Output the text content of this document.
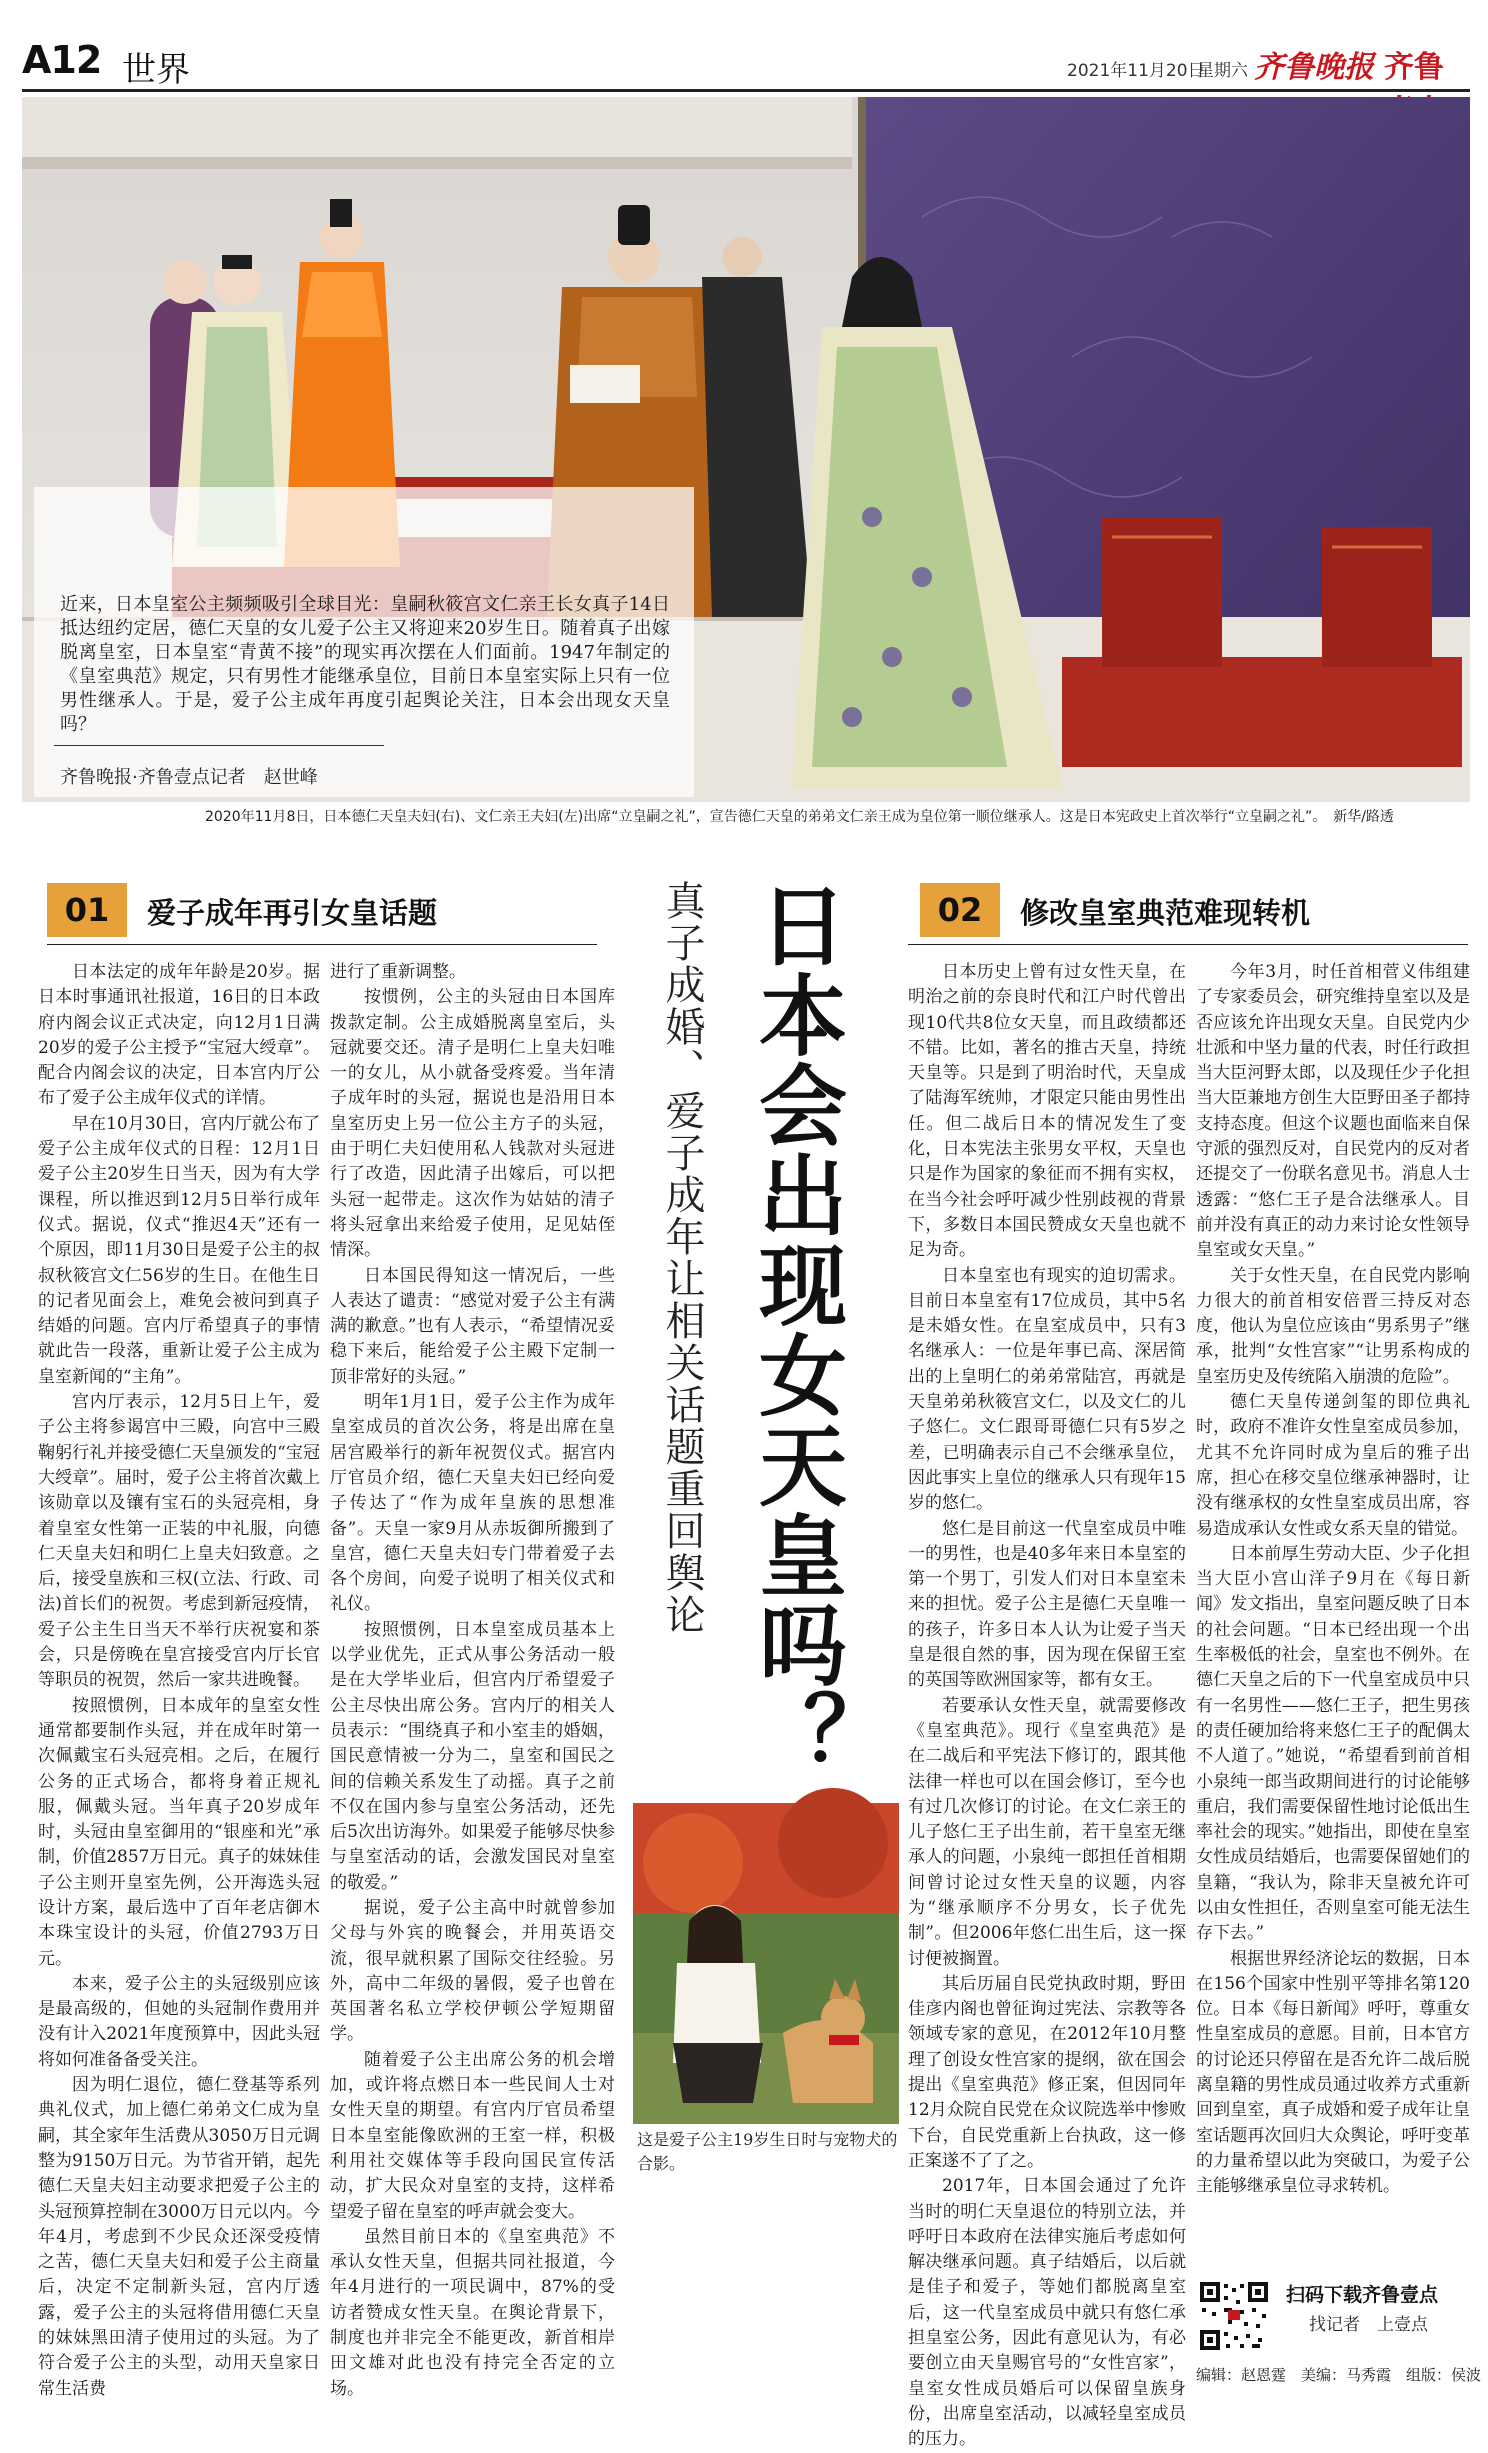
A12 世界	2021年11月20日
星期六 齐鲁晚报 齐鲁
近来，日本皇室公主频频吸引全球目光：皇嗣秋筱宫文仁亲王长女真子14日抵达纽约定居，德仁天皇的女儿爱子公主又将迎来20岁生日。随着真子出嫁脱离皇室，日本皇室“青黄不接”的现实再次摆在人们面前。1947年制定的《皇室典范》规定，只有男性才能继承皇位，目前日本皇室实际上只有一位男性继承人。于是，爱子公主成年再度引起舆论关注，日本会出现女天皇吗？
齐鲁晚报·齐鲁壹点记者　赵世峰
2020年11月8日，日本德仁天皇夫妇(右)、文仁亲王夫妇(左)出席“立皇嗣之礼”，宣告德仁天皇的弟弟文仁亲王成为皇位第一顺位继承人。这是日本宪政史上首次举行“立皇嗣之礼”。　新华/路透
01	爱子成年再引女皇话题	02	修改皇室典范难现转机
日本会出现女天皇吗？
真子成婚、爱子成年让相关话题重回舆论

日本法定的成年年龄是20岁。据日本时事通讯社报道，16日的日本政府内阁会议正式决定，向12月1日满20岁的爱子公主授予“宝冠大绶章”。配合内阁会议的决定，日本宫内厅公布了爱子公主成年仪式的详情。

早在10月30日，宫内厅就公布了爱子公主成年仪式的日程：12月1日爱子公主20岁生日当天，因为有大学课程，所以推迟到12月5日举行成年仪式。据说，仪式“推迟4天”还有一个原因，即11月30日是爱子公主的叔叔秋筱宫文仁56岁的生日。在他生日的记者见面会上，难免会被问到真子结婚的问题。宫内厅希望真子的事情就此告一段落，重新让爱子公主成为皇室新闻的“主角”。

宫内厅表示，12月5日上午，爱子公主将参谒宫中三殿，向宫中三殿鞠躬行礼并接受德仁天皇颁发的“宝冠大绶章”。届时，爱子公主将首次戴上该勋章以及镶有宝石的头冠亮相，身着皇室女性第一正装的中礼服，向德仁天皇夫妇和明仁上皇夫妇致意。之后，接受皇族和三权(立法、行政、司法)首长们的祝贺。考虑到新冠疫情，爱子公主生日当天不举行庆祝宴和茶会，只是傍晚在皇宫接受宫内厅长官等职员的祝贺，然后一家共进晚餐。

按照惯例，日本成年的皇室女性通常都要制作头冠，并在成年时第一次佩戴宝石头冠亮相。之后，在履行公务的正式场合，都将身着正规礼服，佩戴头冠。当年真子20岁成年时，头冠由皇室御用的“银座和光”承制，价值2857万日元。真子的妹妹佳子公主则开皇室先例，公开海选头冠设计方案，最后选中了百年老店御木本珠宝设计的头冠，价值2793万日元。

本来，爱子公主的头冠级别应该是最高级的，但她的头冠制作费用并没有计入2021年度预算中，因此头冠将如何准备备受关注。

因为明仁退位，德仁登基等系列典礼仪式，加上德仁弟弟文仁成为皇嗣，其全家年生活费从3050万日元调整为9150万日元。为节省开销，起先德仁天皇夫妇主动要求把爱子公主的头冠预算控制在3000万日元以内。今年4月，考虑到不少民众还深受疫情之苦，德仁天皇夫妇和爱子公主商量后，决定不定制新头冠，宫内厅透露，爱子公主的头冠将借用德仁天皇的妹妹黑田清子使用过的头冠。为了符合爱子公主的头型，动用天皇家日常生活费

进行了重新调整。

按惯例，公主的头冠由日本国库拨款定制。公主成婚脱离皇室后，头冠就要交还。清子是明仁上皇夫妇唯一的女儿，从小就备受疼爱。当年清子成年时的头冠，据说也是沿用日本皇室历史上另一位公主方子的头冠，由于明仁夫妇使用私人钱款对头冠进行了改造，因此清子出嫁后，可以把头冠一起带走。这次作为姑姑的清子将头冠拿出来给爱子使用，足见姑侄情深。

日本国民得知这一情况后，一些人表达了谴责：“感觉对爱子公主有满满的歉意。”也有人表示，“希望情况妥稳下来后，能给爱子公主殿下定制一顶非常好的头冠。”

明年1月1日，爱子公主作为成年皇室成员的首次公务，将是出席在皇居宫殿举行的新年祝贺仪式。据宫内厅官员介绍，德仁天皇夫妇已经向爱子传达了“作为成年皇族的思想准备”。天皇一家9月从赤坂御所搬到了皇宫，德仁天皇夫妇专门带着爱子去各个房间，向爱子说明了相关仪式和礼仪。

按照惯例，日本皇室成员基本上以学业优先，正式从事公务活动一般是在大学毕业后，但宫内厅希望爱子公主尽快出席公务。宫内厅的相关人员表示：“围绕真子和小室圭的婚姻，国民意情被一分为二，皇室和国民之间的信赖关系发生了动摇。真子之前不仅在国内参与皇室公务活动，还先后5次出访海外。如果爱子能够尽快参与皇室活动的话，会激发国民对皇室的敬爱。”

据说，爱子公主高中时就曾参加父母与外宾的晚餐会，并用英语交流，很早就积累了国际交往经验。另外，高中二年级的暑假，爱子也曾在英国著名私立学校伊顿公学短期留学。

随着爱子公主出席公务的机会增加，或许将点燃日本一些民间人士对女性天皇的期望。有宫内厅官员希望日本皇室能像欧洲的王室一样，积极利用社交媒体等手段向国民宣传活动，扩大民众对皇室的支持，这样希望爱子留在皇室的呼声就会变大。

虽然目前日本的《皇室典范》不承认女性天皇，但据共同社报道，今年4月进行的一项民调中，87%的受访者赞成女性天皇。在舆论背景下，制度也并非完全不能更改，新首相岸田文雄对此也没有持完全否定的立场。

日本历史上曾有过女性天皇，在明治之前的奈良时代和江户时代曾出现10代共8位女天皇，而且政绩都还不错。比如，著名的推古天皇，持统天皇等。只是到了明治时代，天皇成了陆海军统帅，才限定只能由男性出任。但二战后日本的情况发生了变化，日本宪法主张男女平权，天皇也只是作为国家的象征而不拥有实权，在当今社会呼吁减少性别歧视的背景下，多数日本国民赞成女天皇也就不足为奇。

日本皇室也有现实的迫切需求。目前日本皇室有17位成员，其中5名是未婚女性。在皇室成员中，只有3名继承人：一位是年事已高、深居简出的上皇明仁的弟弟常陆宫，再就是天皇弟弟秋筱宫文仁，以及文仁的儿子悠仁。文仁跟哥哥德仁只有5岁之差，已明确表示自己不会继承皇位，因此事实上皇位的继承人只有现年15岁的悠仁。

悠仁是目前这一代皇室成员中唯一的男性，也是40多年来日本皇室的第一个男丁，引发人们对日本皇室未来的担忧。爱子公主是德仁天皇唯一的孩子，许多日本人认为让爱子当天皇是很自然的事，因为现在保留王室的英国等欧洲国家等，都有女王。

若要承认女性天皇，就需要修改《皇室典范》。现行《皇室典范》是在二战后和平宪法下修订的，跟其他法律一样也可以在国会修订，至今也有过几次修订的讨论。在文仁亲王的儿子悠仁王子出生前，若干皇室无继承人的问题，小泉纯一郎担任首相期间曾讨论过女性天皇的议题，内容为“继承顺序不分男女，长子优先制”。但2006年悠仁出生后，这一探讨便被搁置。

其后历届自民党执政时期，野田佳彦内阁也曾征询过宪法、宗教等各领域专家的意见，在2012年10月整理了创设女性宫家的提纲，欲在国会提出《皇室典范》修正案，但因同年12月众院自民党在众议院选举中惨败下台，自民党重新上台执政，这一修正案遂不了了之。

2017年，日本国会通过了允许当时的明仁天皇退位的特别立法，并呼吁日本政府在法律实施后考虑如何解决继承问题。真子结婚后，以后就是佳子和爱子，等她们都脱离皇室后，这一代皇室成员中就只有悠仁承担皇室公务，因此有意见认为，有必要创立由天皇赐官号的“女性宫家”，皇室女性成员婚后可以保留皇族身份，出席皇室活动，以减轻皇室成员的压力。

今年3月，时任首相菅义伟组建了专家委员会，研究维持皇室以及是否应该允许出现女天皇。自民党内少壮派和中坚力量的代表，时任行政担当大臣河野太郎，以及现任少子化担当大臣兼地方创生大臣野田圣子都持支持态度。但这个议题也面临来自保守派的强烈反对，自民党内的反对者还提交了一份联名意见书。消息人士透露：“悠仁王子是合法继承人。目前并没有真正的动力来讨论女性领导皇室或女天皇。”

关于女性天皇，在自民党内影响力很大的前首相安倍晋三持反对态度，他认为皇位应该由“男系男子”继承，批判“女性宫家”“让男系构成的皇室历史及传统陷入崩溃的危险”。

德仁天皇传递剑玺的即位典礼时，政府不准许女性皇室成员参加，尤其不允许同时成为皇后的雅子出席，担心在移交皇位继承神器时，让没有继承权的女性皇室成员出席，容易造成承认女性或女系天皇的错觉。

日本前厚生劳动大臣、少子化担当大臣小宫山洋子9月在《每日新闻》发文指出，皇室问题反映了日本的社会问题。“日本已经出现一个出生率极低的社会，皇室也不例外。在德仁天皇之后的下一代皇室成员中只有一名男性——悠仁王子，把生男孩的责任硬加给将来悠仁王子的配偶太不人道了。”她说，“希望看到前首相小泉纯一郎当政期间进行的讨论能够重启，我们需要保留性地讨论低出生率社会的现实。”她指出，即使在皇室女性成员结婚后，也需要保留她们的皇籍，“我认为，除非天皇被允许可以由女性担任，否则皇室可能无法生存下去。”

根据世界经济论坛的数据，日本在156个国家中性别平等排名第120位。日本《每日新闻》呼吁，尊重女性皇室成员的意愿。目前，日本官方的讨论还只停留在是否允许二战后脱离皇籍的男性成员通过收养方式重新回到皇室，真子成婚和爱子成年让皇室话题再次回归大众舆论，呼吁变革的力量希望以此为突破口，为爱子公主能够继承皇位寻求转机。

这是爱子公主19岁生日时与宠物犬的合影。
扫码下载齐鲁壹点
找记者　上壹点
编辑：赵恩霆　美编：马秀霞　组版：侯波
